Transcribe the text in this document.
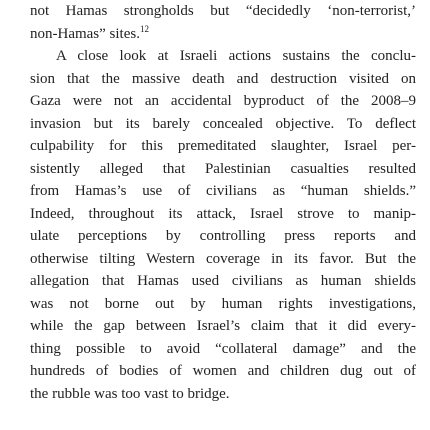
not Hamas strongholds but “decidedly ‘non-terrorist,’
non-Hamas” sites.$^{12}$
A close look at Israeli actions sustains the conclu-
sion that the massive death and destruction visited on
Gaza were not an accidental byproduct of the 2008–9
invasion but its barely concealed objective. To deflect
culpability for this premeditated slaughter, Israel per-
sistently alleged that Palestinian casualties resulted
from Hamas’s use of civilians as “human shields.”
Indeed, throughout its attack, Israel strove to manip-
ulate perceptions by controlling press reports and
otherwise tilting Western coverage in its favor. But the
allegation that Hamas used civilians as human shields
was not borne out by human rights investigations,
while the gap between Israel’s claim that it did every-
thing possible to avoid “collateral damage” and the
hundreds of bodies of women and children dug out of
the rubble was too vast to bridge.
